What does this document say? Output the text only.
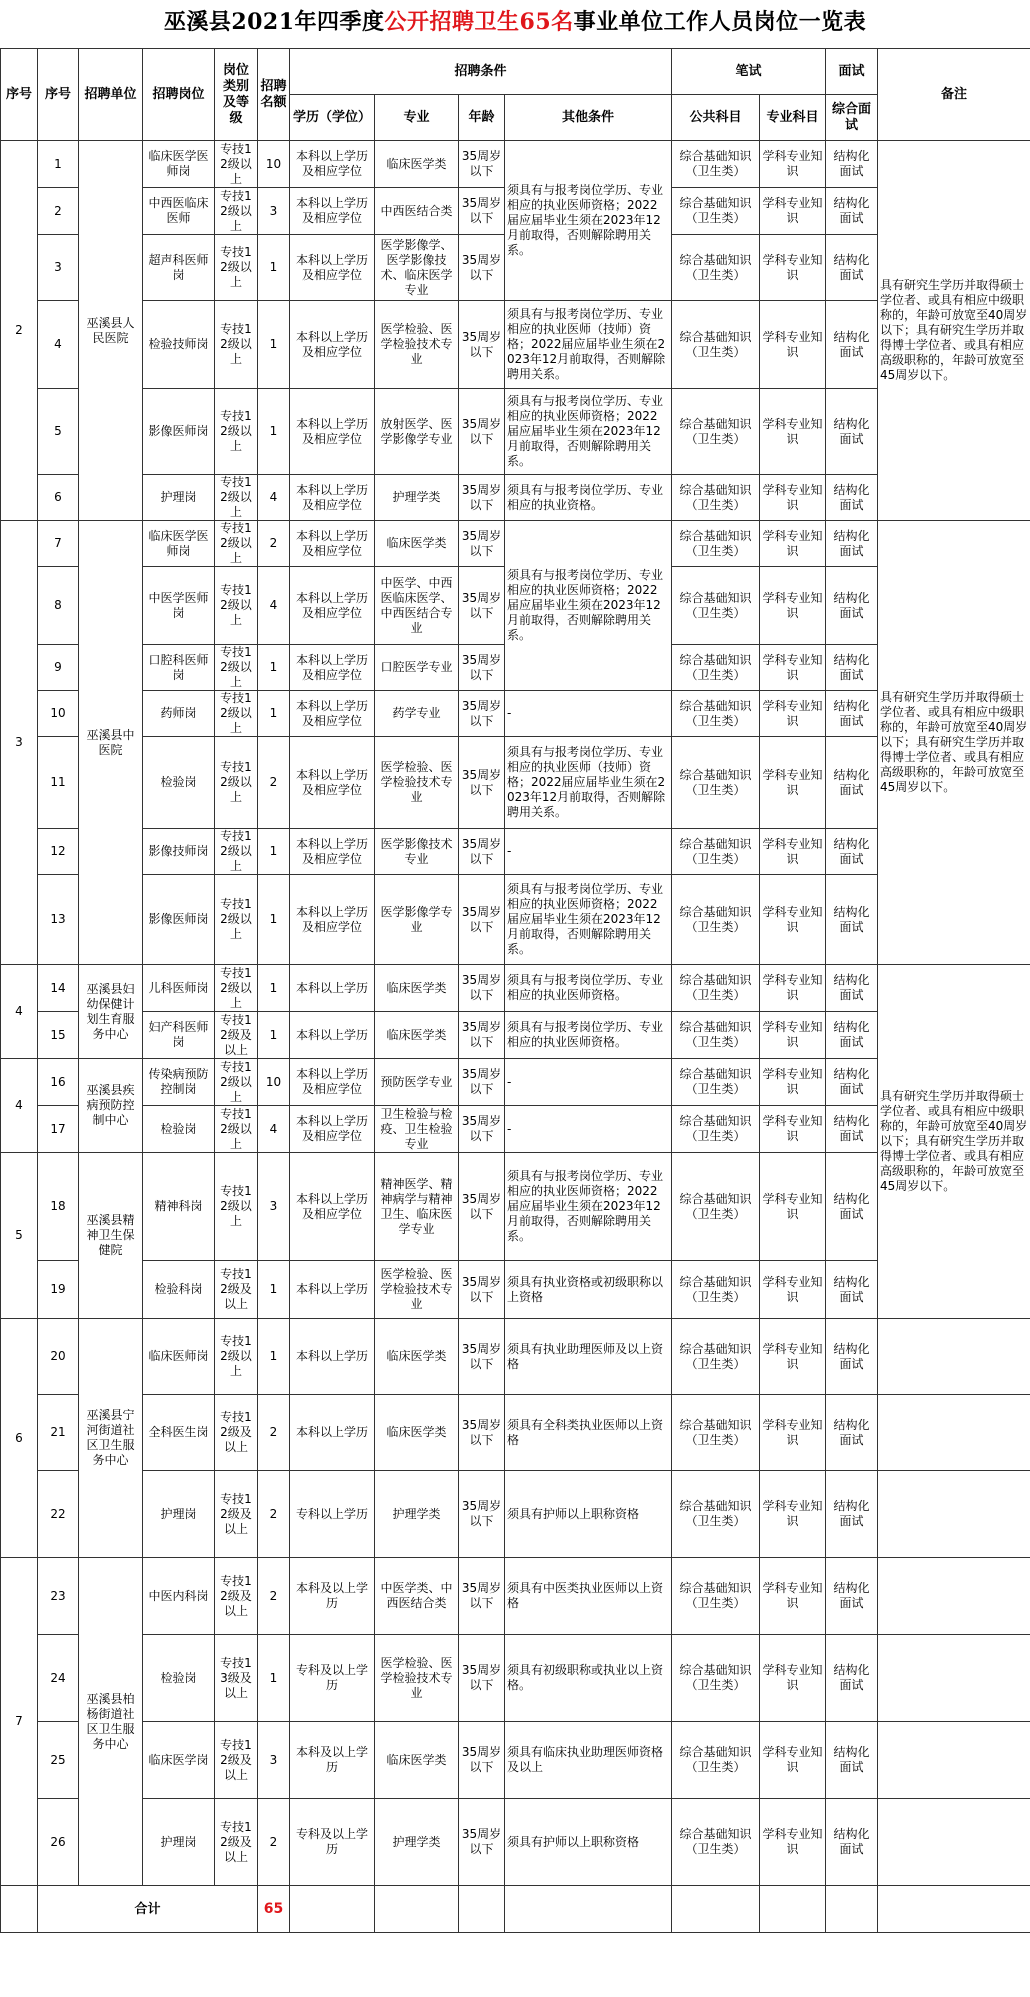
巫溪县2021年四季度公开招聘卫生65名事业单位工作人员岗位一览表
序号	序号	招聘单位	招聘岗位	岗位类别及等级	招聘名额	招聘条件				笔试		面试	备注
						学历（学位）	专业	年龄	其他条件	公共科目	专业科目	综合面试	
2	1	巫溪县人民医院	临床医学医师岗	专技12级以上	10	本科以上学历及相应学位	临床医学类	35周岁以下	须具有与报考岗位学历、专业相应的执业医师资格；2022届应届毕业生须在2023年12月前取得，否则解除聘用关系。	综合基础知识（卫生类）	学科专业知识	结构化面试	具有研究生学历并取得硕士学位者、或具有相应中级职称的，年龄可放宽至40周岁以下；具有研究生学历并取得博士学位者、或具有相应高级职称的，年龄可放宽至45周岁以下。
	2		中西医临床医师	专技12级以上	3	本科以上学历及相应学位	中西医结合类	35周岁以下		综合基础知识（卫生类）	学科专业知识	结构化面试	
	3		超声科医师岗	专技12级以上	1	本科以上学历及相应学位	医学影像学、医学影像技术、临床医学专业	35周岁以下		综合基础知识（卫生类）	学科专业知识	结构化面试	
	4		检验技师岗	专技12级以上	1	本科以上学历及相应学位	医学检验、医学检验技术专业	35周岁以下	须具有与报考岗位学历、专业相应的执业医师（技师）资格；2022届应届毕业生须在2023年12月前取得，否则解除聘用关系。	综合基础知识（卫生类）	学科专业知识	结构化面试	
	5		影像医师岗	专技12级以上	1	本科以上学历及相应学位	放射医学、医学影像学专业	35周岁以下	须具有与报考岗位学历、专业相应的执业医师资格；2022届应届毕业生须在2023年12月前取得，否则解除聘用关系。	综合基础知识（卫生类）	学科专业知识	结构化面试	
	6		护理岗	专技12级以上	4	本科以上学历及相应学位	护理学类	35周岁以下	须具有与报考岗位学历、专业相应的执业资格。	综合基础知识（卫生类）	学科专业知识	结构化面试	
3	7	巫溪县中医院	临床医学医师岗	专技12级以上	2	本科以上学历及相应学位	临床医学类	35周岁以下	须具有与报考岗位学历、专业相应的执业医师资格；2022届应届毕业生须在2023年12月前取得，否则解除聘用关系。	综合基础知识（卫生类）	学科专业知识	结构化面试	具有研究生学历并取得硕士学位者、或具有相应中级职称的，年龄可放宽至40周岁以下；具有研究生学历并取得博士学位者、或具有相应高级职称的，年龄可放宽至45周岁以下。
	8		中医学医师岗	专技12级以上	4	本科以上学历及相应学位	中医学、中西医临床医学、中西医结合专业	35周岁以下		综合基础知识（卫生类）	学科专业知识	结构化面试	
	9		口腔科医师岗	专技12级以上	1	本科以上学历及相应学位	口腔医学专业	35周岁以下		综合基础知识（卫生类）	学科专业知识	结构化面试	
	10		药师岗	专技12级以上	1	本科以上学历及相应学位	药学专业	35周岁以下	-	综合基础知识（卫生类）	学科专业知识	结构化面试	
	11		检验岗	专技12级以上	2	本科以上学历及相应学位	医学检验、医学检验技术专业	35周岁以下	须具有与报考岗位学历、专业相应的执业医师（技师）资格；2022届应届毕业生须在2023年12月前取得，否则解除聘用关系。	综合基础知识（卫生类）	学科专业知识	结构化面试	
	12		影像技师岗	专技12级以上	1	本科以上学历及相应学位	医学影像技术专业	35周岁以下	-	综合基础知识（卫生类）	学科专业知识	结构化面试	
	13		影像医师岗	专技12级以上	1	本科以上学历及相应学位	医学影像学专业	35周岁以下	须具有与报考岗位学历、专业相应的执业医师资格；2022届应届毕业生须在2023年12月前取得，否则解除聘用关系。	综合基础知识（卫生类）	学科专业知识	结构化面试	
4	14	巫溪县妇幼保健计划生育服务中心	儿科医师岗	专技12级以上	1	本科以上学历	临床医学类	35周岁以下	须具有与报考岗位学历、专业相应的执业医师资格。	综合基础知识（卫生类）	学科专业知识	结构化面试	具有研究生学历并取得硕士学位者、或具有相应中级职称的，年龄可放宽至40周岁以下；具有研究生学历并取得博士学位者、或具有相应高级职称的，年龄可放宽至45周岁以下。
	15		妇产科医师岗	专技12级及以上	1	本科以上学历	临床医学类	35周岁以下	须具有与报考岗位学历、专业相应的执业医师资格。	综合基础知识（卫生类）	学科专业知识	结构化面试	
4	16	巫溪县疾病预防控制中心	传染病预防控制岗	专技12级以上	10	本科以上学历及相应学位	预防医学专业	35周岁以下	-	综合基础知识（卫生类）	学科专业知识	结构化面试	
	17		检验岗	专技12级以上	4	本科以上学历及相应学位	卫生检验与检疫、卫生检验专业	35周岁以下	-	综合基础知识（卫生类）	学科专业知识	结构化面试	
5	18	巫溪县精神卫生保健院	精神科岗	专技12级以上	3	本科以上学历及相应学位	精神医学、精神病学与精神卫生、临床医学专业	35周岁以下	须具有与报考岗位学历、专业相应的执业医师资格；2022届应届毕业生须在2023年12月前取得，否则解除聘用关系。	综合基础知识（卫生类）	学科专业知识	结构化面试	
	19		检验科岗	专技12级及以上	1	本科以上学历	医学检验、医学检验技术专业	35周岁以下	须具有执业资格或初级职称以上资格	综合基础知识（卫生类）	学科专业知识	结构化面试	
6	20	巫溪县宁河街道社区卫生服务中心	临床医师岗	专技12级以上	1	本科以上学历	临床医学类	35周岁以下	须具有执业助理医师及以上资格	综合基础知识（卫生类）	学科专业知识	结构化面试	
	21		全科医生岗	专技12级及以上	2	本科以上学历	临床医学类	35周岁以下	须具有全科类执业医师以上资格	综合基础知识（卫生类）	学科专业知识	结构化面试	
	22		护理岗	专技12级及以上	2	专科以上学历	护理学类	35周岁以下	须具有护师以上职称资格	综合基础知识（卫生类）	学科专业知识	结构化面试	
7	23	巫溪县柏杨街道社区卫生服务中心	中医内科岗	专技12级及以上	2	本科及以上学历	中医学类、中西医结合类	35周岁以下	须具有中医类执业医师以上资格	综合基础知识（卫生类）	学科专业知识	结构化面试	
	24		检验岗	专技13级及以上	1	专科及以上学历	医学检验、医学检验技术专业	35周岁以下	须具有初级职称或执业以上资格。	综合基础知识（卫生类）	学科专业知识	结构化面试	
	25		临床医学岗	专技12级及以上	3	本科及以上学历	临床医学类	35周岁以下	须具有临床执业助理医师资格及以上	综合基础知识（卫生类）	学科专业知识	结构化面试	
	26		护理岗	专技12级及以上	2	专科及以上学历	护理学类	35周岁以下	须具有护师以上职称资格	综合基础知识（卫生类）	学科专业知识	结构化面试	
	合计				65								
